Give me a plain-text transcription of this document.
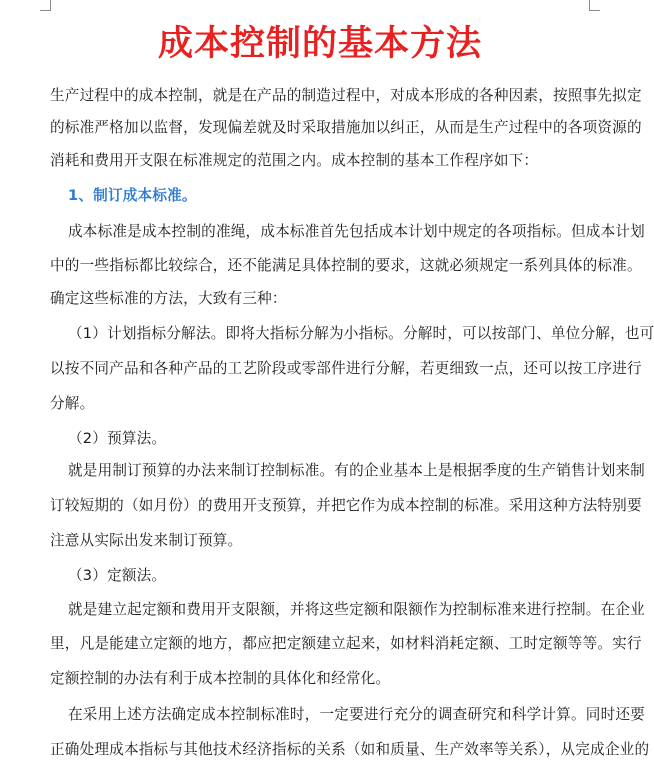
成本控制的基本方法
生产过程中的成本控制，就是在产品的制造过程中，对成本形成的各种因素，按照事先拟定
的标准严格加以监督，发现偏差就及时采取措施加以纠正，从而是生产过程中的各项资源的
消耗和费用开支限在标准规定的范围之内。成本控制的基本工作程序如下：
1、制订成本标准。
成本标准是成本控制的准绳，成本标准首先包括成本计划中规定的各项指标。但成本计划
中的一些指标都比较综合，还不能满足具体控制的要求，这就必须规定一系列具体的标准。
确定这些标准的方法，大致有三种：
（1）计划指标分解法。即将大指标分解为小指标。分解时，可以按部门、单位分解，也可
以按不同产品和各种产品的工艺阶段或零部件进行分解，若更细致一点，还可以按工序进行
分解。
（2）预算法。
就是用制订预算的办法来制订控制标准。有的企业基本上是根据季度的生产销售计划来制
订较短期的（如月份）的费用开支预算，并把它作为成本控制的标准。采用这种方法特别要
注意从实际出发来制订预算。
（3）定额法。
就是建立起定额和费用开支限额，并将这些定额和限额作为控制标准来进行控制。在企业
里，凡是能建立定额的地方，都应把定额建立起来，如材料消耗定额、工时定额等等。实行
定额控制的办法有利于成本控制的具体化和经常化。
在采用上述方法确定成本控制标准时，一定要进行充分的调查研究和科学计算。同时还要
正确处理成本指标与其他技术经济指标的关系（如和质量、生产效率等关系），从完成企业的
